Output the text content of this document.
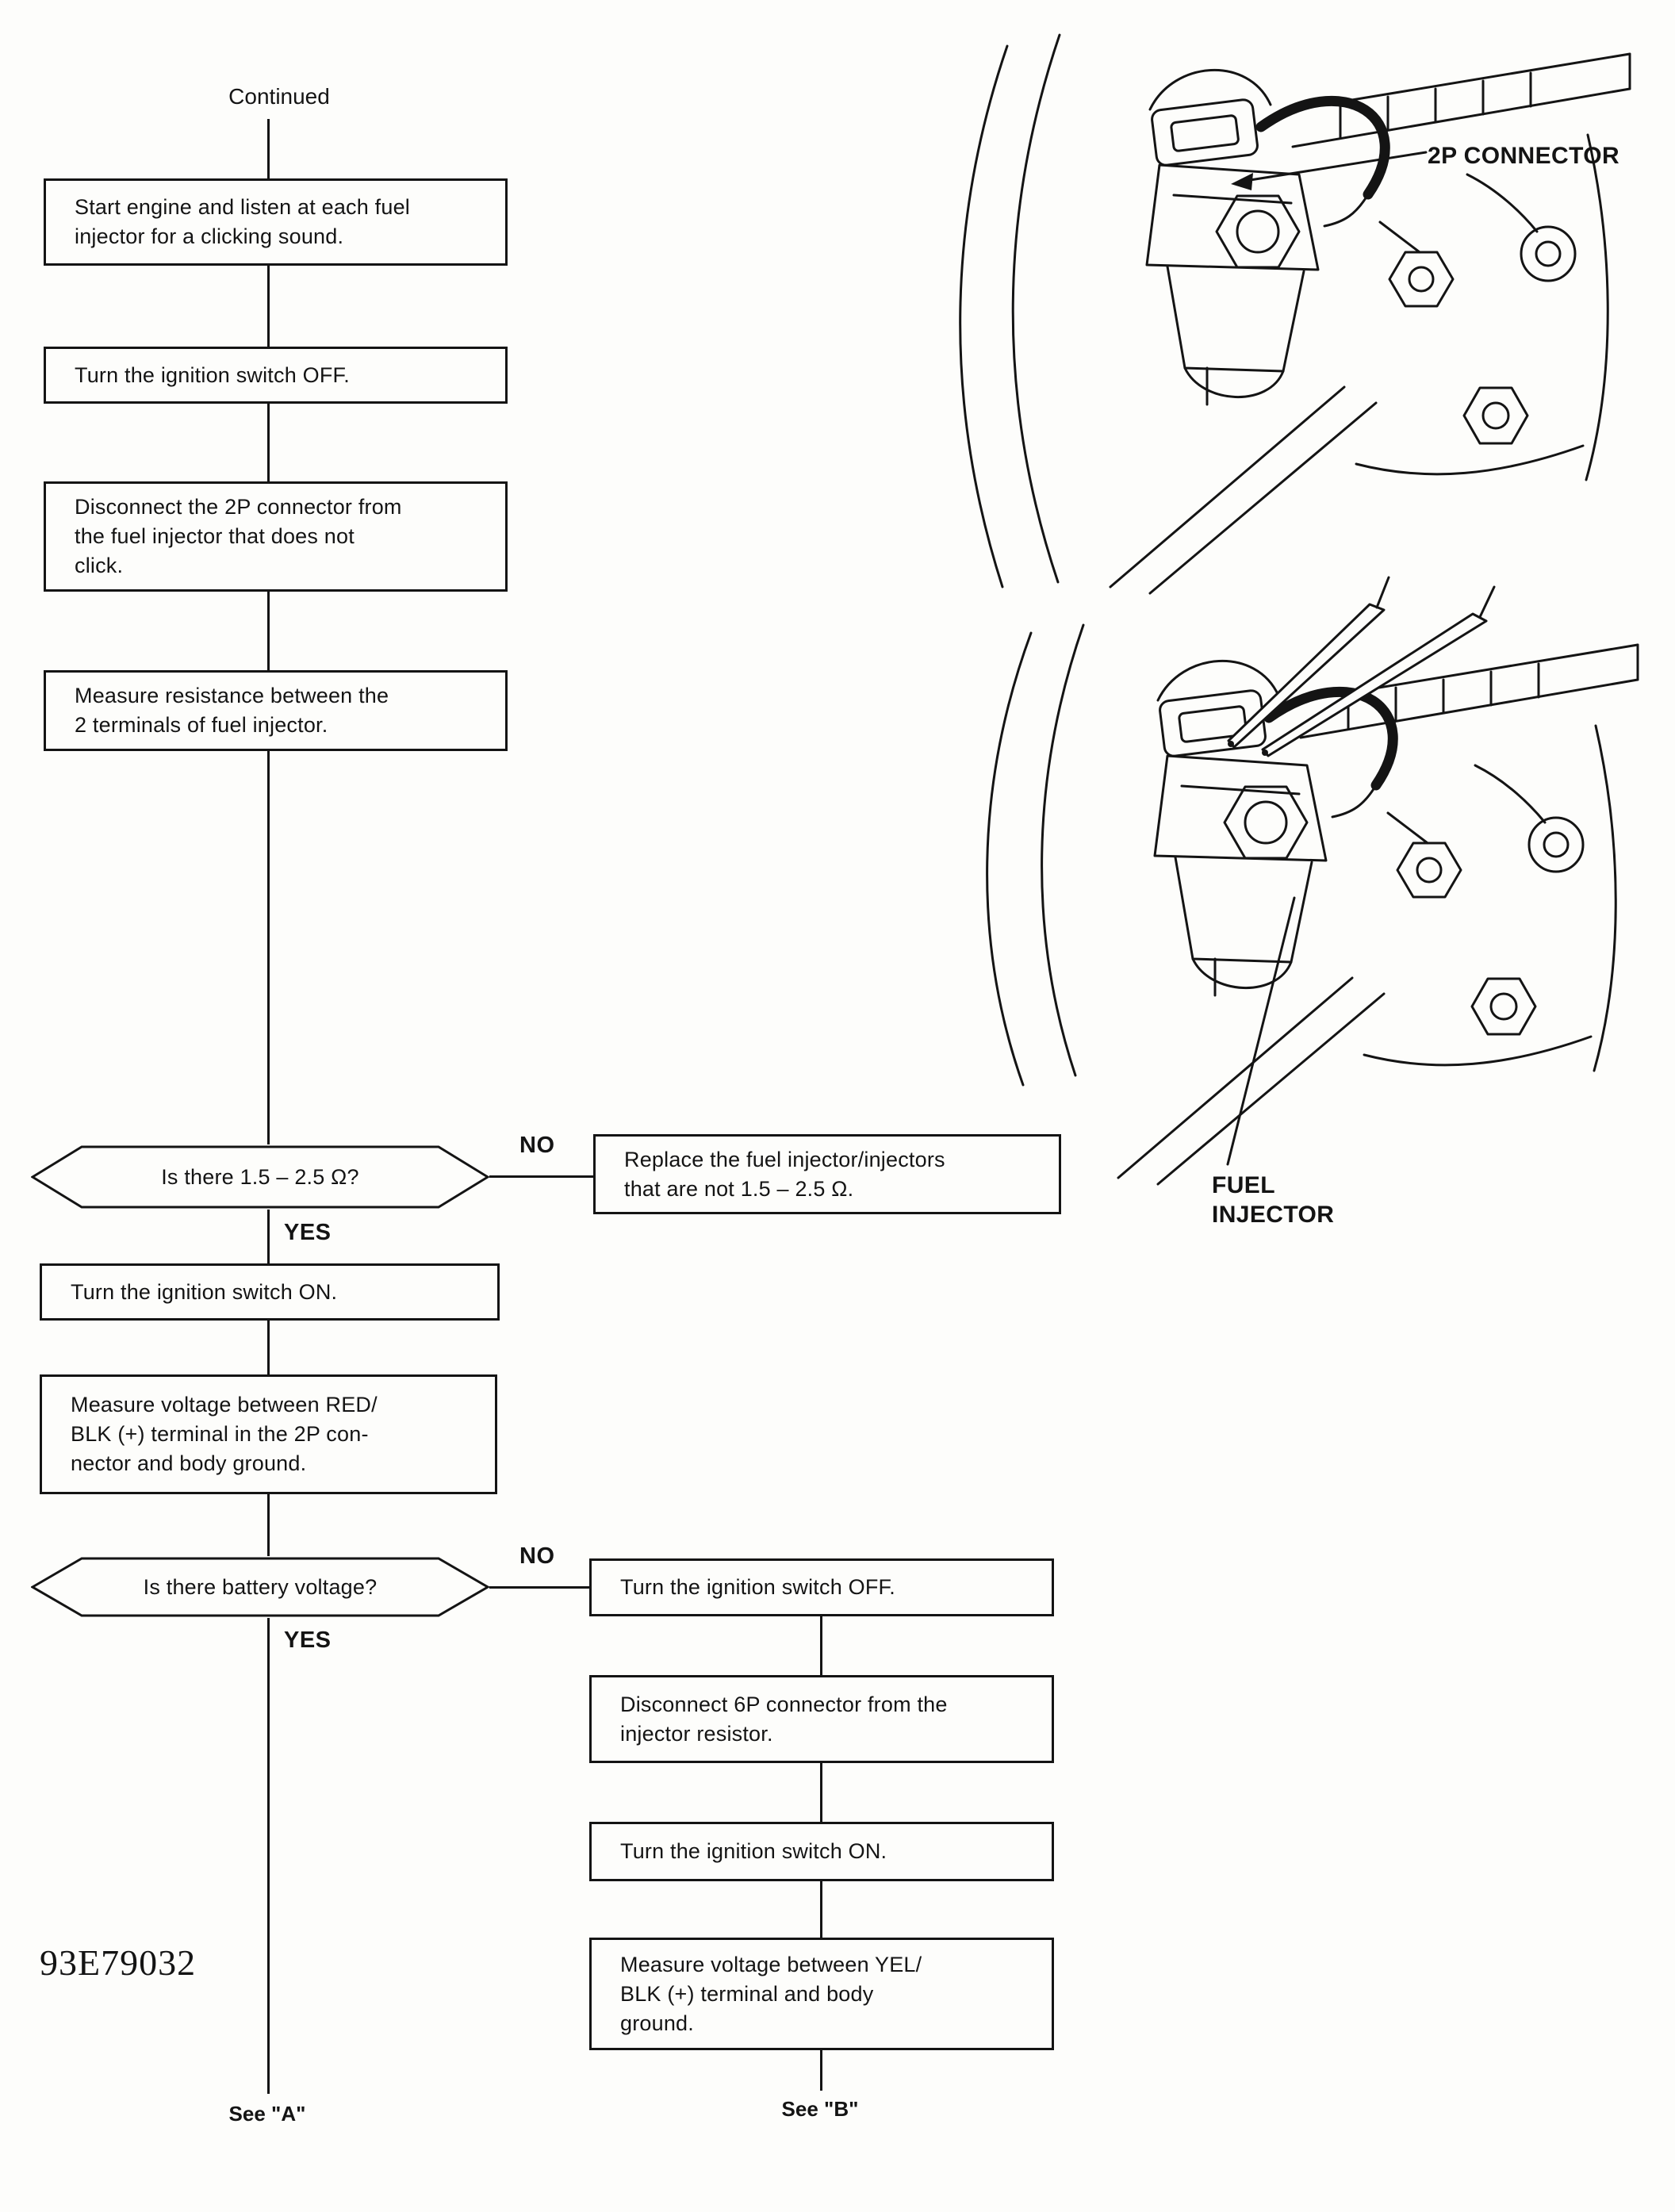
2P CONNECTOR
FUEL
INJECTOR
Continued
Start engine and listen at each fuel
injector for a clicking sound.
Turn the ignition switch OFF.
Disconnect the 2P connector from
the fuel injector that does not
click.
Measure resistance between the
2 terminals of fuel injector.
Is there 1.5 – 2.5 Ω?
NO
YES
Replace the fuel injector/injectors
that are not 1.5 – 2.5 Ω.
Turn the ignition switch ON.
Measure voltage between RED/
BLK (+) terminal in the 2P con-
nector and body ground.
Is there battery voltage?
NO
YES
Turn the ignition switch OFF.
Disconnect 6P connector from the
injector resistor.
Turn the ignition switch ON.
Measure voltage between YEL/
BLK (+) terminal and body
ground.
93E79032
See "A"	See "B"
